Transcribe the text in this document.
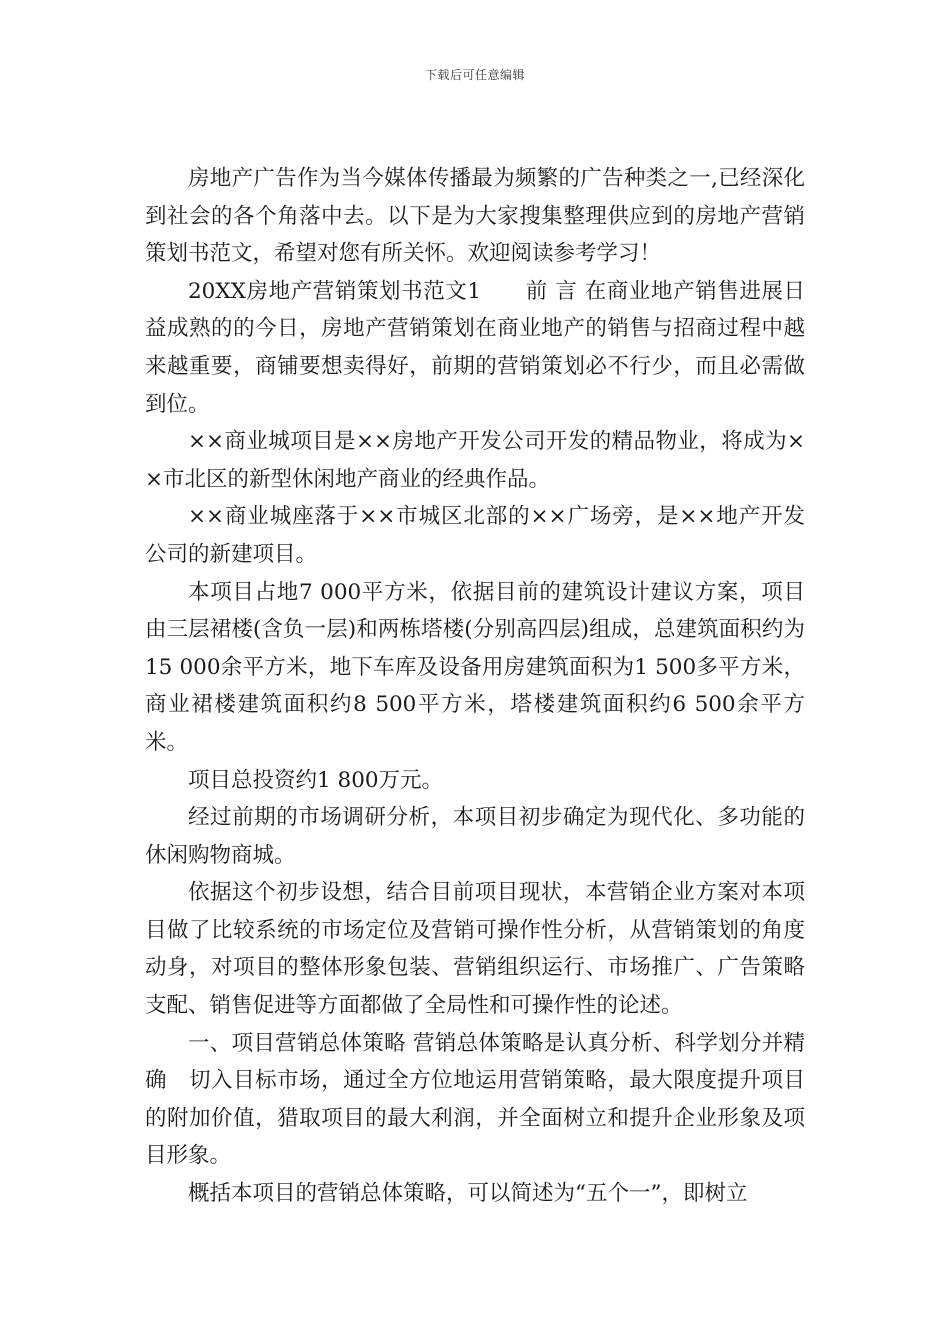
下载后可任意编辑

房地产广告作为当今媒体传播最为频繁的广告种类之一,已经深化到社会的各个角落中去。以下是为大家搜集整理供应到的房地产营销策划书范文，希望对您有所关怀。欢迎阅读参考学习！

20XX房地产营销策划书范文1　　前 言 在商业地产销售进展日益成熟的的今日，房地产营销策划在商业地产的销售与招商过程中越来越重要，商铺要想卖得好，前期的营销策划必不行少，而且必需做到位。

××商业城项目是××房地产开发公司开发的精品物业，将成为××市北区的新型休闲地产商业的经典作品。

××商业城座落于××市城区北部的××广场旁，是××地产开发公司的新建项目。

本项目占地7 000平方米，依据目前的建筑设计建议方案，项目由三层裙楼(含负一层)和两栋塔楼(分别高四层)组成，总建筑面积约为15 000余平方米，地下车库及设备用房建筑面积为1 500多平方米，商业裙楼建筑面积约8 500平方米，塔楼建筑面积约6 500余平方米。

项目总投资约1 800万元。

经过前期的市场调研分析，本项目初步确定为现代化、多功能的休闲购物商城。

依据这个初步设想，结合目前项目现状，本营销企业方案对本项目做了比较系统的市场定位及营销可操作性分析，从营销策划的角度动身，对项目的整体形象包装、营销组织运行、市场推广、广告策略支配、销售促进等方面都做了全局性和可操作性的论述。

一、项目营销总体策略 营销总体策略是认真分析、科学划分并精确　切入目标市场，通过全方位地运用营销策略，最大限度提升项目的附加价值，猎取项目的最大利润，并全面树立和提升企业形象及项目形象。

概括本项目的营销总体策略，可以简述为“五个一”，即树立
